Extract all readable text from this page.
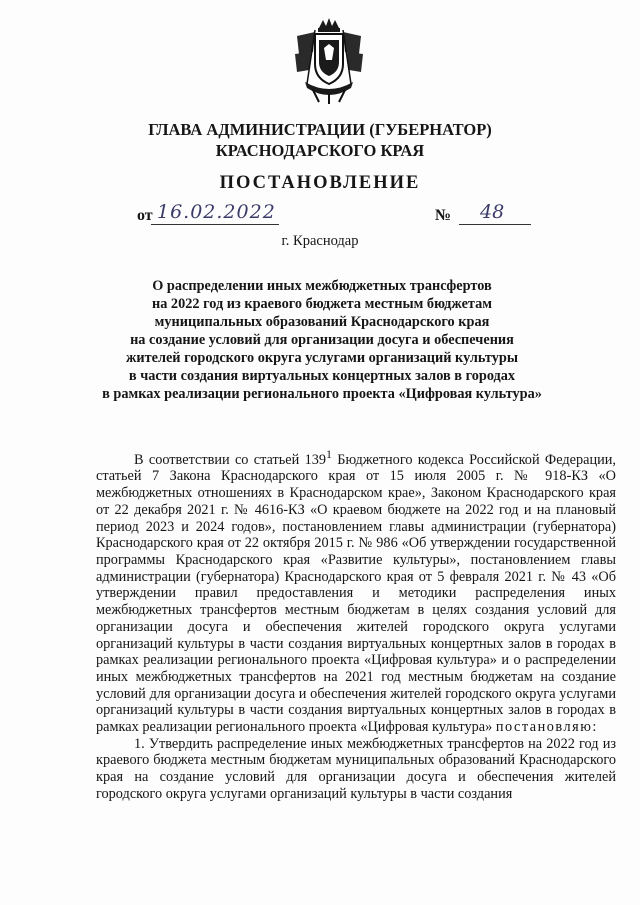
ГЛАВА АДМИНИСТРАЦИИ (ГУБЕРНАТОР)
КРАСНОДАРСКОГО КРАЯ
ПОСТАНОВЛЕНИЕ
от 16.02.2022	№ 48
г. Краснодар
О распределении иных межбюджетных трансфертов
на 2022 год из краевого бюджета местным бюджетам
муниципальных образований Краснодарского края
на создание условий для организации досуга и обеспечения
жителей городского округа услугами организаций культуры
в части создания виртуальных концертных залов в городах
в рамках реализации регионального проекта «Цифровая культура»

В соответствии со статьей $139^1$ Бюджетного кодекса Российской Федерации, статьей 7 Закона Краснодарского края от 15 июля 2005 г. № 918-КЗ «О межбюджетных отношениях в Краснодарском крае», Законом Краснодарского края от 22 декабря 2021 г. № 4616-КЗ «О краевом бюджете на 2022 год и на плановый период 2023 и 2024 годов», постановлением главы администрации (губернатора) Краснодарского края от 22 октября 2015 г. № 986 «Об утверждении государственной программы Краснодарского края «Развитие культуры», постановлением главы администрации (губернатора) Краснодарского края от 5 февраля 2021 г. № 43 «Об утверждении правил предоставления и методики распределения иных межбюджетных трансфертов местным бюджетам в целях создания условий для организации досуга и обеспечения жителей городского округа услугами организаций культуры в части создания виртуальных концертных залов в городах в рамках реализации регионального проекта «Цифровая культура» и о распределении иных межбюджетных трансфертов на 2021 год местным бюджетам на создание условий для организации досуга и обеспечения жителей городского округа услугами организаций культуры в части создания виртуальных концертных залов в городах в рамках реализации регионального проекта «Цифровая культура» постановляю:

1. Утвердить распределение иных межбюджетных трансфертов на 2022 год из краевого бюджета местным бюджетам муниципальных образований Краснодарского края на создание условий для организации досуга и обеспечения жителей городского округа услугами организаций культуры в части создания
